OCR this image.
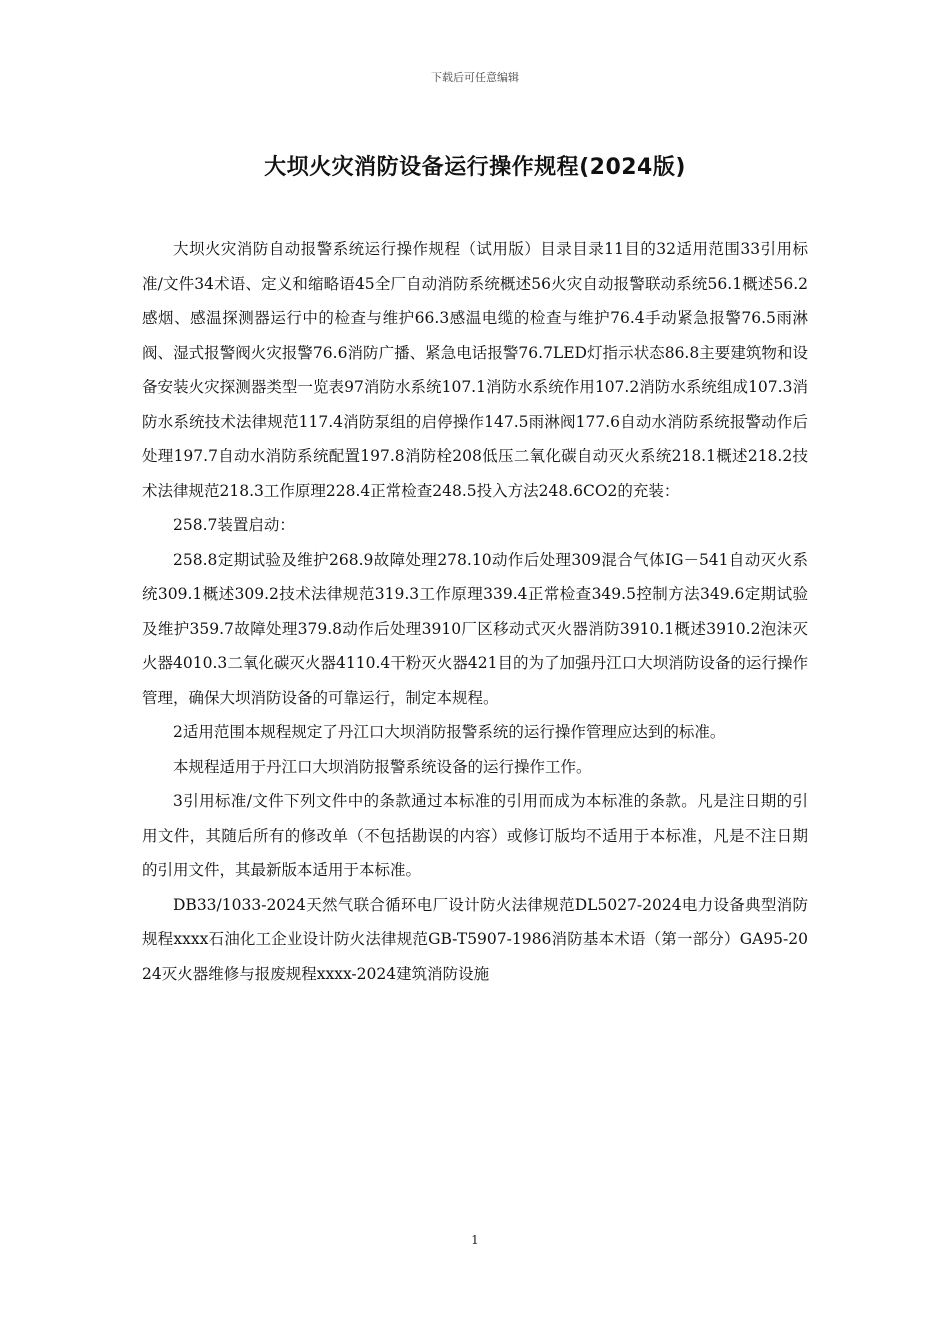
下载后可任意编辑
大坝火灾消防设备运行操作规程(2024版)

大坝火灾消防自动报警系统运行操作规程（试用版）目录目录11目的32适用范围33引用标准/文件34术语、定义和缩略语45全厂自动消防系统概述56火灾自动报警联动系统56.1概述56.2感烟、感温探测器运行中的检查与维护66.3感温电缆的检查与维护76.4手动紧急报警76.5雨淋阀、湿式报警阀火灾报警76.6消防广播、紧急电话报警76.7LED灯指示状态86.8主要建筑物和设备安装火灾探测器类型一览表97消防水系统107.1消防水系统作用107.2消防水系统组成107.3消防水系统技术法律规范117.4消防泵组的启停操作147.5雨淋阀177.6自动水消防系统报警动作后处理197.7自动水消防系统配置197.8消防栓208低压二氧化碳自动灭火系统218.1概述218.2技术法律规范218.3工作原理228.4正常检查248.5投入方法248.6CO2的充装：

258.7装置启动：

258.8定期试验及维护268.9故障处理278.10动作后处理309混合气体IG－541自动灭火系统309.1概述309.2技术法律规范319.3工作原理339.4正常检查349.5控制方法349.6定期试验及维护359.7故障处理379.8动作后处理3910厂区移动式灭火器消防3910.1概述3910.2泡沫灭火器4010.3二氧化碳灭火器4110.4干粉灭火器421目的为了加强丹江口大坝消防设备的运行操作管理，确保大坝消防设备的可靠运行，制定本规程。

2适用范围本规程规定了丹江口大坝消防报警系统的运行操作管理应达到的标准。

本规程适用于丹江口大坝消防报警系统设备的运行操作工作。

3引用标准/文件下列文件中的条款通过本标准的引用而成为本标准的条款。凡是注日期的引用文件，其随后所有的修改单（不包括勘误的内容）或修订版均不适用于本标准，凡是不注日期的引用文件，其最新版本适用于本标准。

DB33/1033-2024天然气联合循环电厂设计防火法律规范DL5027-2024电力设备典型消防规程xxxx石油化工企业设计防火法律规范GB-T5907-1986消防基本术语（第一部分）GA95-2024灭火器维修与报废规程xxxx-2024建筑消防设施

1
